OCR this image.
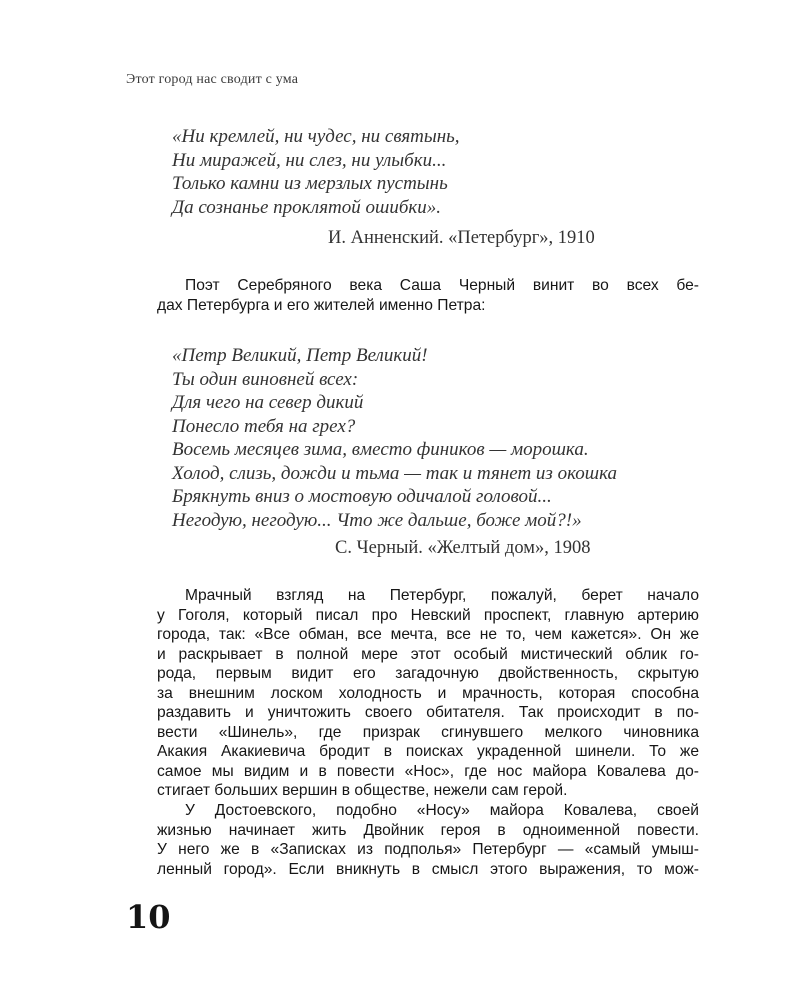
Этот город нас сводит с ума
«Ни кремлей, ни чудес, ни святынь,
Ни миражей, ни слез, ни улыбки...
Только камни из мерзлых пустынь
Да сознанье проклятой ошибки».
И. Анненский. «Петербург», 1910
Поэт Серебряного века Саша Черный винит во всех бе-
дах Петербурга и его жителей именно Петра:
«Петр Великий, Петр Великий!
Ты один виновней всех:
Для чего на север дикий
Понесло тебя на грех?
Восемь месяцев зима, вместо фиников — морошка.
Холод, слизь, дожди и тьма — так и тянет из окошка
Брякнуть вниз о мостовую одичалой головой...
Негодую, негодую... Что же дальше, боже мой?!»
С. Черный. «Желтый дом», 1908
Мрачный взгляд на Петербург, пожалуй, берет начало
у Гоголя, который писал про Невский проспект, главную артерию
города, так: «Все обман, все мечта, все не то, чем кажется». Он же
и раскрывает в полной мере этот особый мистический облик го-
рода, первым видит его загадочную двойственность, скрытую
за внешним лоском холодность и мрачность, которая способна
раздавить и уничтожить своего обитателя. Так происходит в по-
вести «Шинель», где призрак сгинувшего мелкого чиновника
Акакия Акакиевича бродит в поисках украденной шинели. То же
самое мы видим и в повести «Нос», где нос майора Ковалева до-
стигает больших вершин в обществе, нежели сам герой.
У Достоевского, подобно «Носу» майора Ковалева, своей
жизнью начинает жить Двойник героя в одноименной повести.
У него же в «Записках из подполья» Петербург — «самый умыш-
ленный город». Если вникнуть в смысл этого выражения, то мож-
10
